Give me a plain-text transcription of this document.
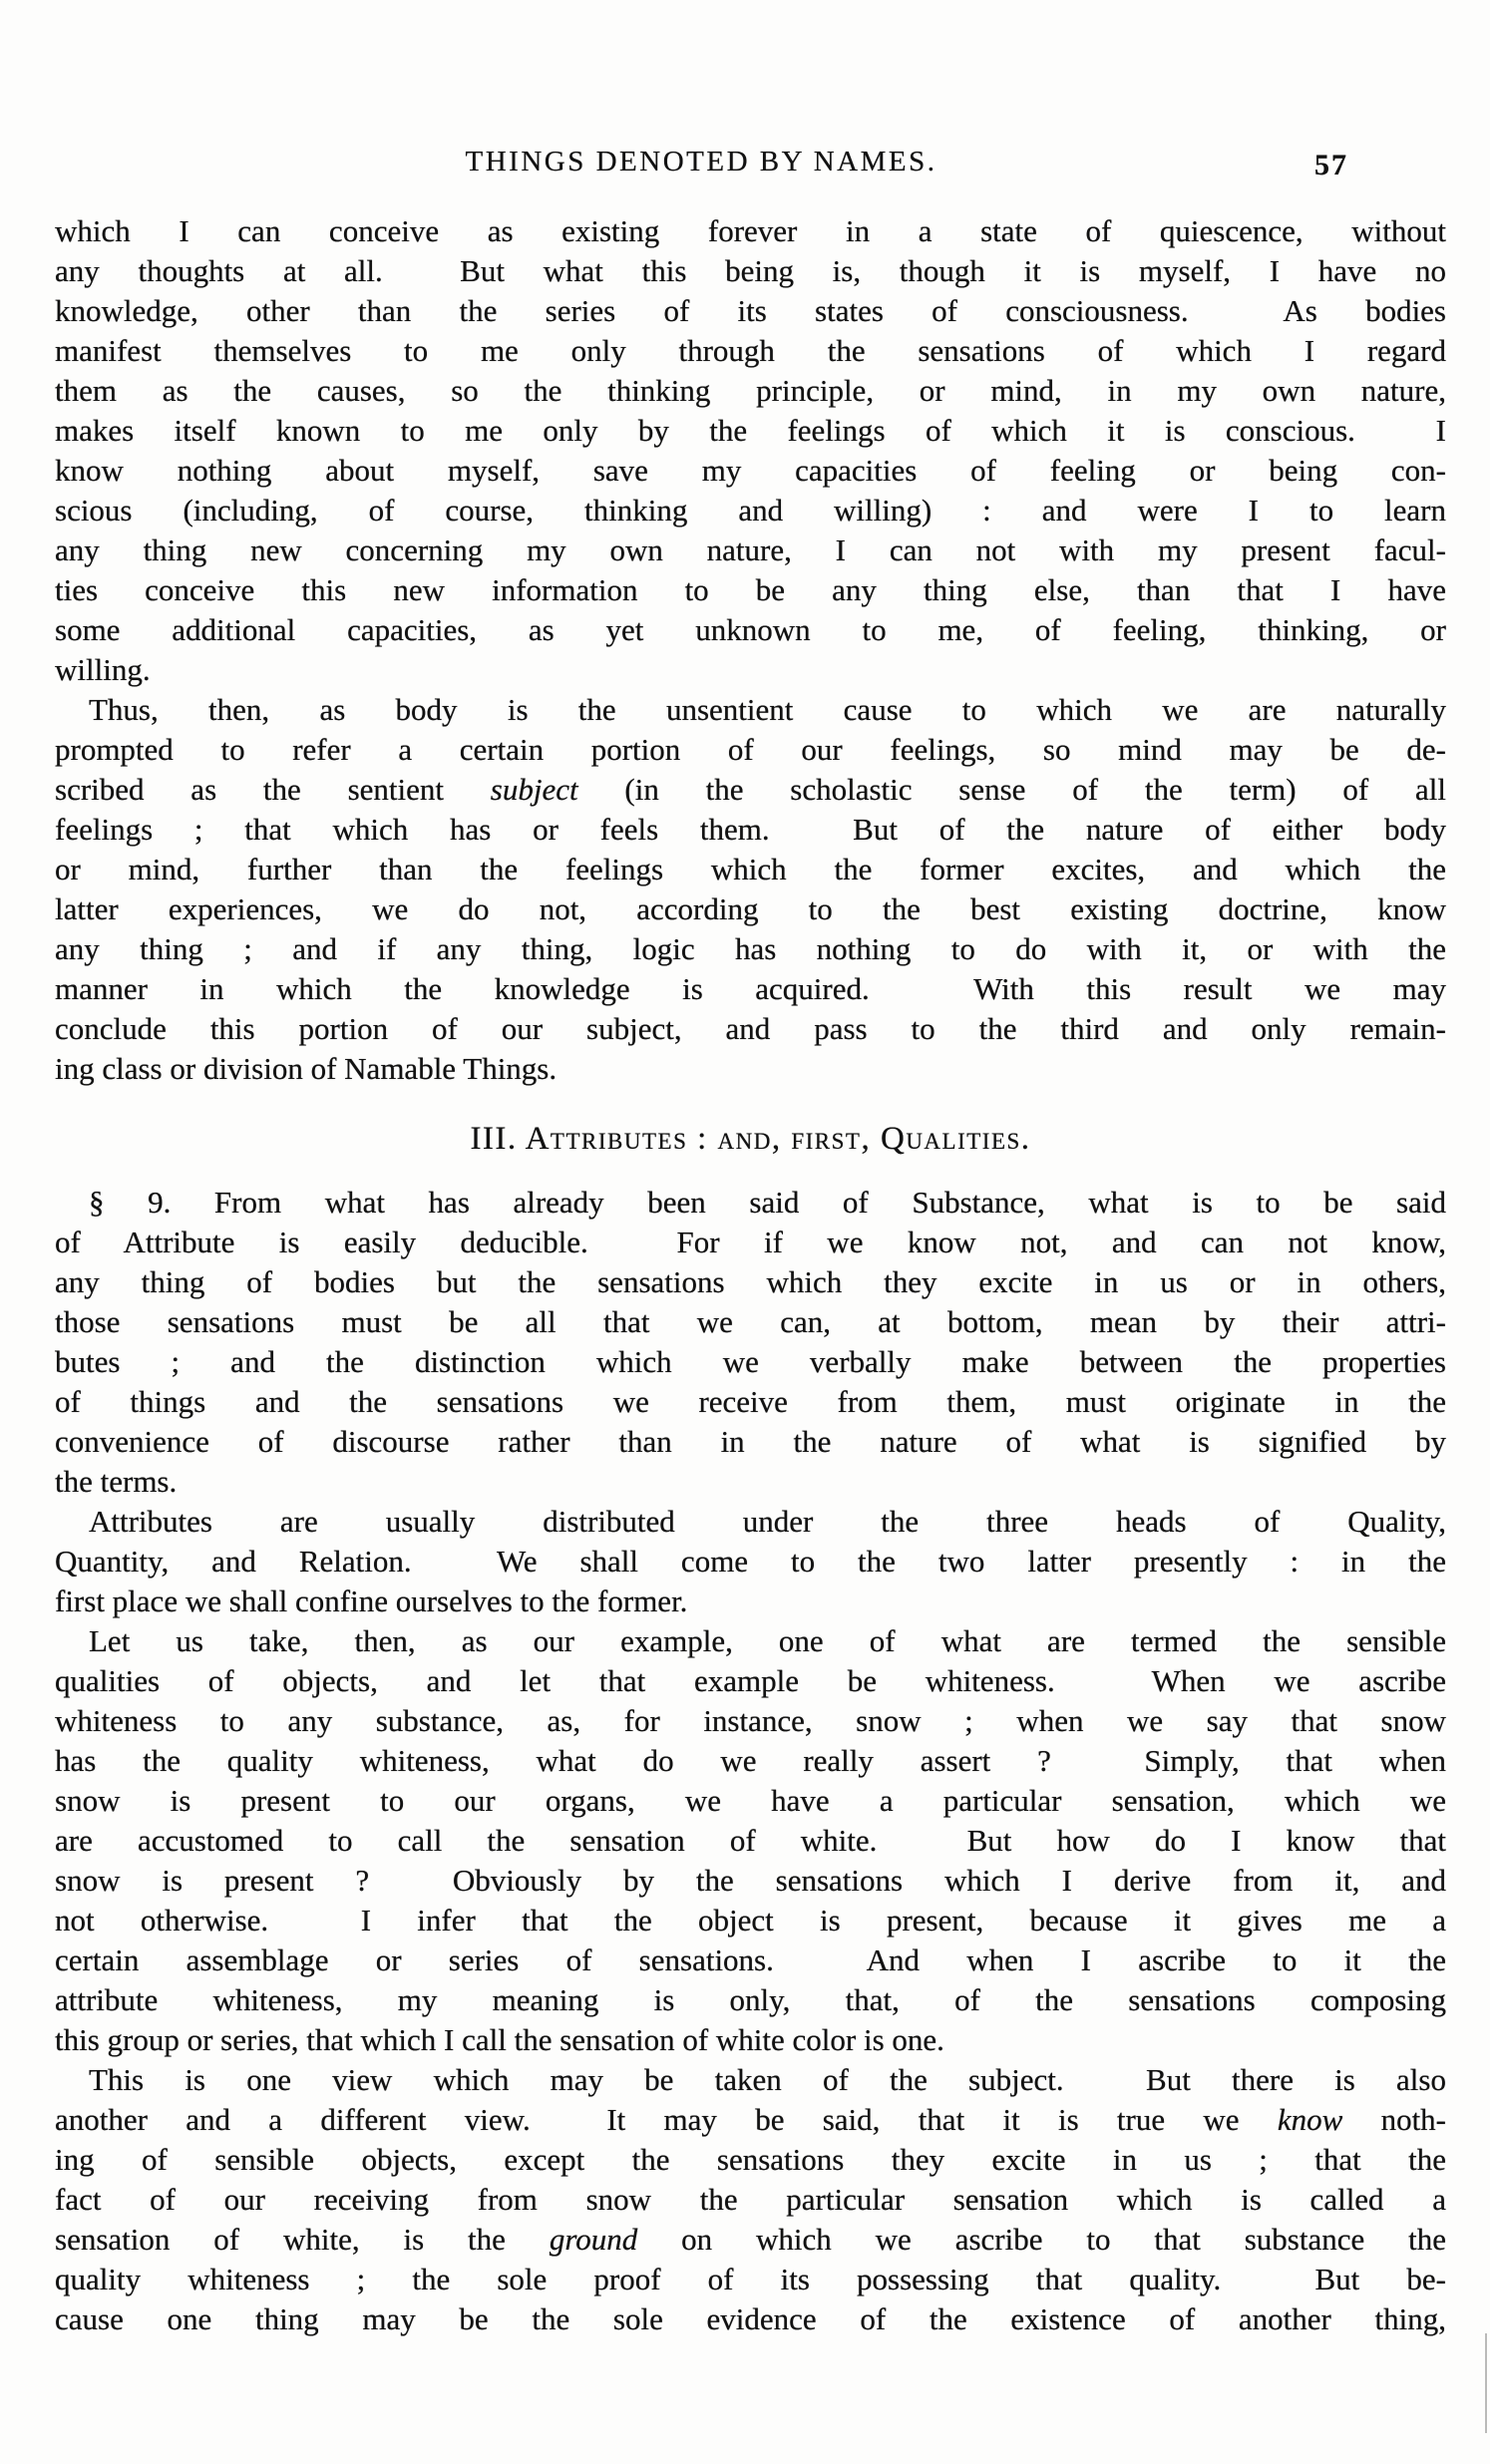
THINGS DENOTED BY NAMES.	57
which I can conceive as existing forever in a state of quiescence, without
any thoughts at all.  But what this being is, though it is myself, I have no
knowledge, other than the series of its states of consciousness.  As bodies
manifest themselves to me only through the sensations of which I regard
them as the causes, so the thinking principle, or mind, in my own nature,
makes itself known to me only by the feelings of which it is conscious.  I
know nothing about myself, save my capacities of feeling or being con-
scious (including, of course, thinking and willing) : and were I to learn
any thing new concerning my own nature, I can not with my present facul-
ties conceive this new information to be any thing else, than that I have
some additional capacities, as yet unknown to me, of feeling, thinking, or
willing.
Thus, then, as body is the unsentient cause to which we are naturally
prompted to refer a certain portion of our feelings, so mind may be de-
scribed as the sentient subject (in the scholastic sense of the term) of all
feelings ; that which has or feels them.  But of the nature of either body
or mind, further than the feelings which the former excites, and which the
latter experiences, we do not, according to the best existing doctrine, know
any thing ; and if any thing, logic has nothing to do with it, or with the
manner in which the knowledge is acquired.  With this result we may
conclude this portion of our subject, and pass to the third and only remain-
ing class or division of Namable Things.
III. Attributes : and, first, Qualities.
§ 9. From what has already been said of Substance, what is to be said
of Attribute is easily deducible.  For if we know not, and can not know,
any thing of bodies but the sensations which they excite in us or in others,
those sensations must be all that we can, at bottom, mean by their attri-
butes ; and the distinction which we verbally make between the properties
of things and the sensations we receive from them, must originate in the
convenience of discourse rather than in the nature of what is signified by
the terms.
Attributes are usually distributed under the three heads of Quality,
Quantity, and Relation.  We shall come to the two latter presently : in the
first place we shall confine ourselves to the former.
Let us take, then, as our example, one of what are termed the sensible
qualities of objects, and let that example be whiteness.  When we ascribe
whiteness to any substance, as, for instance, snow ; when we say that snow
has the quality whiteness, what do we really assert ?  Simply, that when
snow is present to our organs, we have a particular sensation, which we
are accustomed to call the sensation of white.  But how do I know that
snow is present ?  Obviously by the sensations which I derive from it, and
not otherwise.  I infer that the object is present, because it gives me a
certain assemblage or series of sensations.  And when I ascribe to it the
attribute whiteness, my meaning is only, that, of the sensations composing
this group or series, that which I call the sensation of white color is one.
This is one view which may be taken of the subject.  But there is also
another and a different view.  It may be said, that it is true we know noth-
ing of sensible objects, except the sensations they excite in us ; that the
fact of our receiving from snow the particular sensation which is called a
sensation of white, is the ground on which we ascribe to that substance the
quality whiteness ; the sole proof of its possessing that quality.  But be-
cause one thing may be the sole evidence of the existence of another thing,
